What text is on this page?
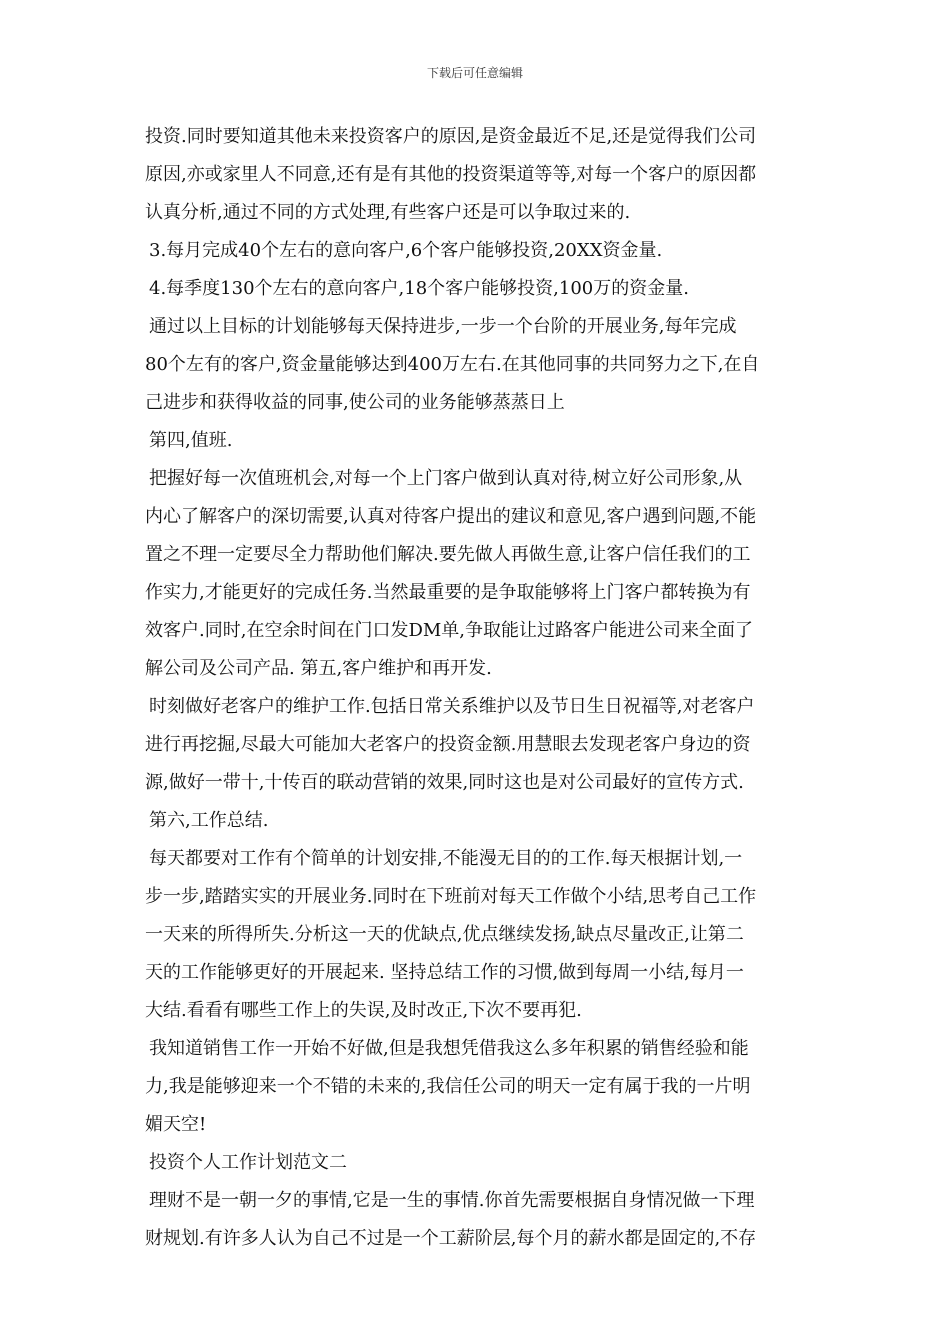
下载后可任意编辑
投资.同时要知道其他未来投资客户的原因,是资金最近不足,还是觉得我们公司
原因,亦或家里人不同意,还有是有其他的投资渠道等等,对每一个客户的原因都
认真分析,通过不同的方式处理,有些客户还是可以争取过来的.
3.每月完成40个左右的意向客户,6个客户能够投资,20XX资金量.
4.每季度130个左右的意向客户,18个客户能够投资,100万的资金量.
通过以上目标的计划能够每天保持进步,一步一个台阶的开展业务,每年完成
80个左有的客户,资金量能够达到400万左右.在其他同事的共同努力之下,在自
己进步和获得收益的同事,使公司的业务能够蒸蒸日上
第四,值班.
把握好每一次值班机会,对每一个上门客户做到认真对待,树立好公司形象,从
内心了解客户的深切需要,认真对待客户提出的建议和意见,客户遇到问题,不能
置之不理一定要尽全力帮助他们解决.要先做人再做生意,让客户信任我们的工
作实力,才能更好的完成任务.当然最重要的是争取能够将上门客户都转换为有
效客户.同时,在空余时间在门口发DM单,争取能让过路客户能进公司来全面了
解公司及公司产品. 第五,客户维护和再开发.
时刻做好老客户的维护工作.包括日常关系维护以及节日生日祝福等,对老客户
进行再挖掘,尽最大可能加大老客户的投资金额.用慧眼去发现老客户身边的资
源,做好一带十,十传百的联动营销的效果,同时这也是对公司最好的宣传方式.
第六,工作总结.
每天都要对工作有个简单的计划安排,不能漫无目的的工作.每天根据计划,一
步一步,踏踏实实的开展业务.同时在下班前对每天工作做个小结,思考自己工作
一天来的所得所失.分析这一天的优缺点,优点继续发扬,缺点尽量改正,让第二
天的工作能够更好的开展起来. 坚持总结工作的习惯,做到每周一小结,每月一
大结.看看有哪些工作上的失误,及时改正,下次不要再犯.
我知道销售工作一开始不好做,但是我想凭借我这么多年积累的销售经验和能
力,我是能够迎来一个不错的未来的,我信任公司的明天一定有属于我的一片明
媚天空!
投资个人工作计划范文二
理财不是一朝一夕的事情,它是一生的事情.你首先需要根据自身情况做一下理
财规划.有许多人认为自己不过是一个工薪阶层,每个月的薪水都是固定的,不存
